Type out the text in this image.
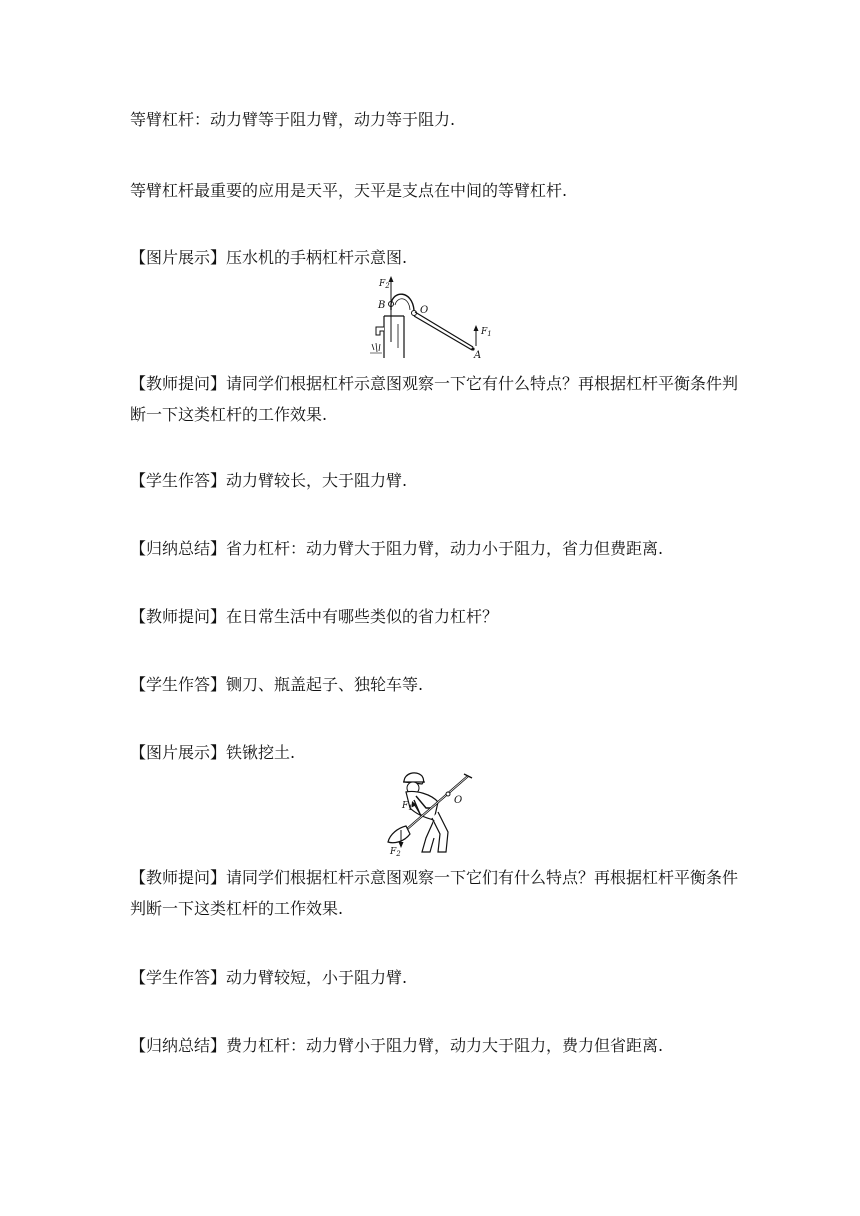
等臂杠杆：动力臂等于阻力臂，动力等于阻力.

等臂杠杆最重要的应用是天平，天平是支点在中间的等臂杠杆.

【图片展示】压水机的手柄杠杆示意图.

$F_2$
B	O
A
$F_1$

【教师提问】请同学们根据杠杆示意图观察一下它有什么特点？再根据杠杆平衡条件判断一下这类杠杆的工作效果.

【学生作答】动力臂较长，大于阻力臂.

【归纳总结】省力杠杆：动力臂大于阻力臂，动力小于阻力，省力但费距离.

【教师提问】在日常生活中有哪些类似的省力杠杆？

【学生作答】铡刀、瓶盖起子、独轮车等.

【图片展示】铁锹挖土.

O
$F_1$
$F_2$

【教师提问】请同学们根据杠杆示意图观察一下它们有什么特点？再根据杠杆平衡条件判断一下这类杠杆的工作效果.

【学生作答】动力臂较短，小于阻力臂.

【归纳总结】费力杠杆：动力臂小于阻力臂，动力大于阻力，费力但省距离.
